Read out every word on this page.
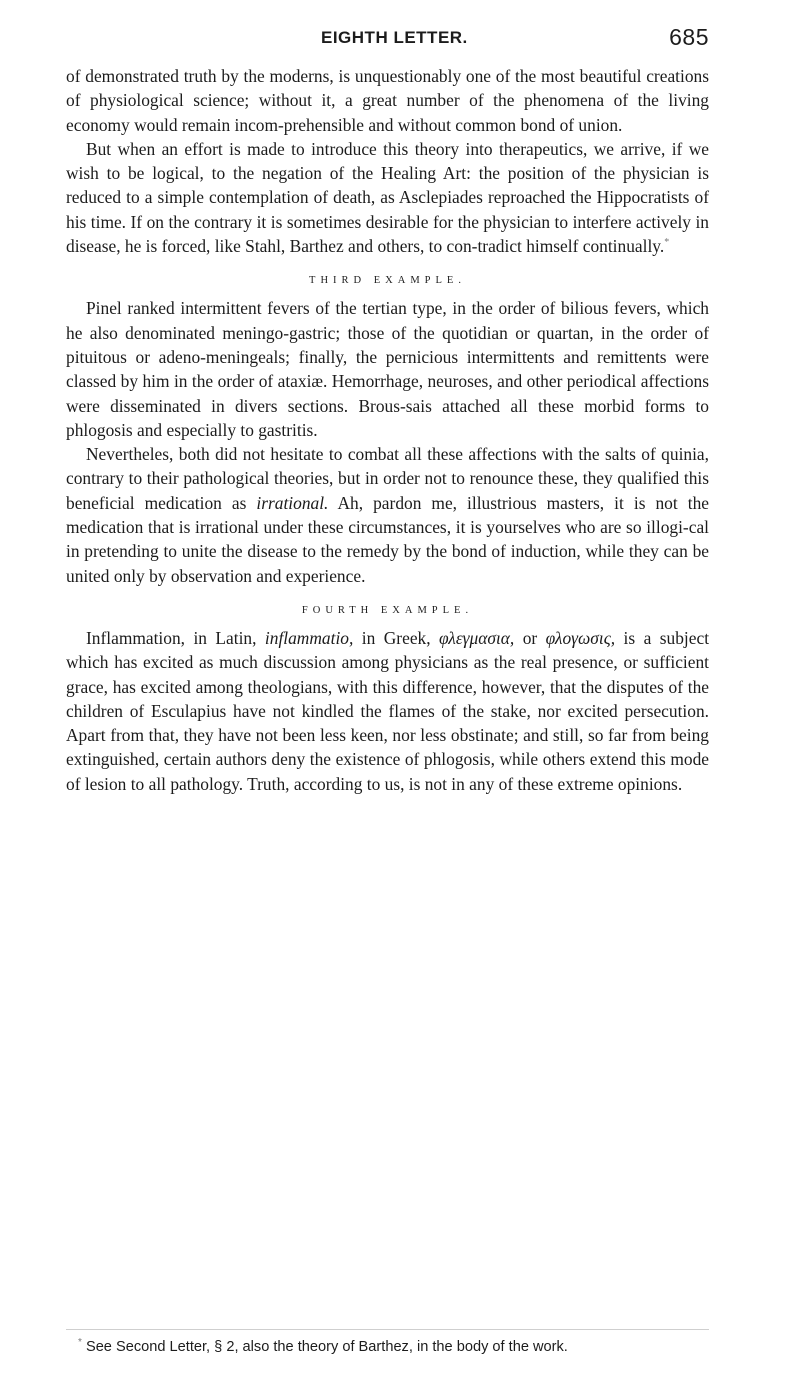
EIGHTH LETTER.	685

of demonstrated truth by the moderns, is unquestionably one of the most beautiful creations of physiological science; without it, a great number of the phenomena of the living economy would remain incom-prehensible and without common bond of union.

But when an effort is made to introduce this theory into therapeutics, we arrive, if we wish to be logical, to the negation of the Healing Art: the position of the physician is reduced to a simple contemplation of death, as Asclepiades reproached the Hippocratists of his time. If on the contrary it is sometimes desirable for the physician to interfere actively in disease, he is forced, like Stahl, Barthez and others, to con-tradict himself continually.*

THIRD EXAMPLE.

Pinel ranked intermittent fevers of the tertian type, in the order of bilious fevers, which he also denominated meningo-gastric; those of the quotidian or quartan, in the order of pituitous or adeno-meningeals; finally, the pernicious intermittents and remittents were classed by him in the order of ataxiæ. Hemorrhage, neuroses, and other periodical affections were disseminated in divers sections. Brous-sais attached all these morbid forms to phlogosis and especially to gastritis.

Nevertheles, both did not hesitate to combat all these affections with the salts of quinia, contrary to their pathological theories, but in order not to renounce these, they qualified this beneficial medication as irrational. Ah, pardon me, illustrious masters, it is not the medication that is irrational under these circumstances, it is yourselves who are so illogi-cal in pretending to unite the disease to the remedy by the bond of induction, while they can be united only by observation and experience.

FOURTH EXAMPLE.

Inflammation, in Latin, inflammatio, in Greek, φλεγμασια, or φλογωσις, is a subject which has excited as much discussion among physicians as the real presence, or sufficient grace, has excited among theologians, with this difference, however, that the disputes of the children of Esculapius have not kindled the flames of the stake, nor excited persecution. Apart from that, they have not been less keen, nor less obstinate; and still, so far from being extinguished, certain authors deny the existence of phlogosis, while others extend this mode of lesion to all pathology. Truth, according to us, is not in any of these extreme opinions.

* See Second Letter, § 2, also the theory of Barthez, in the body of the work.
